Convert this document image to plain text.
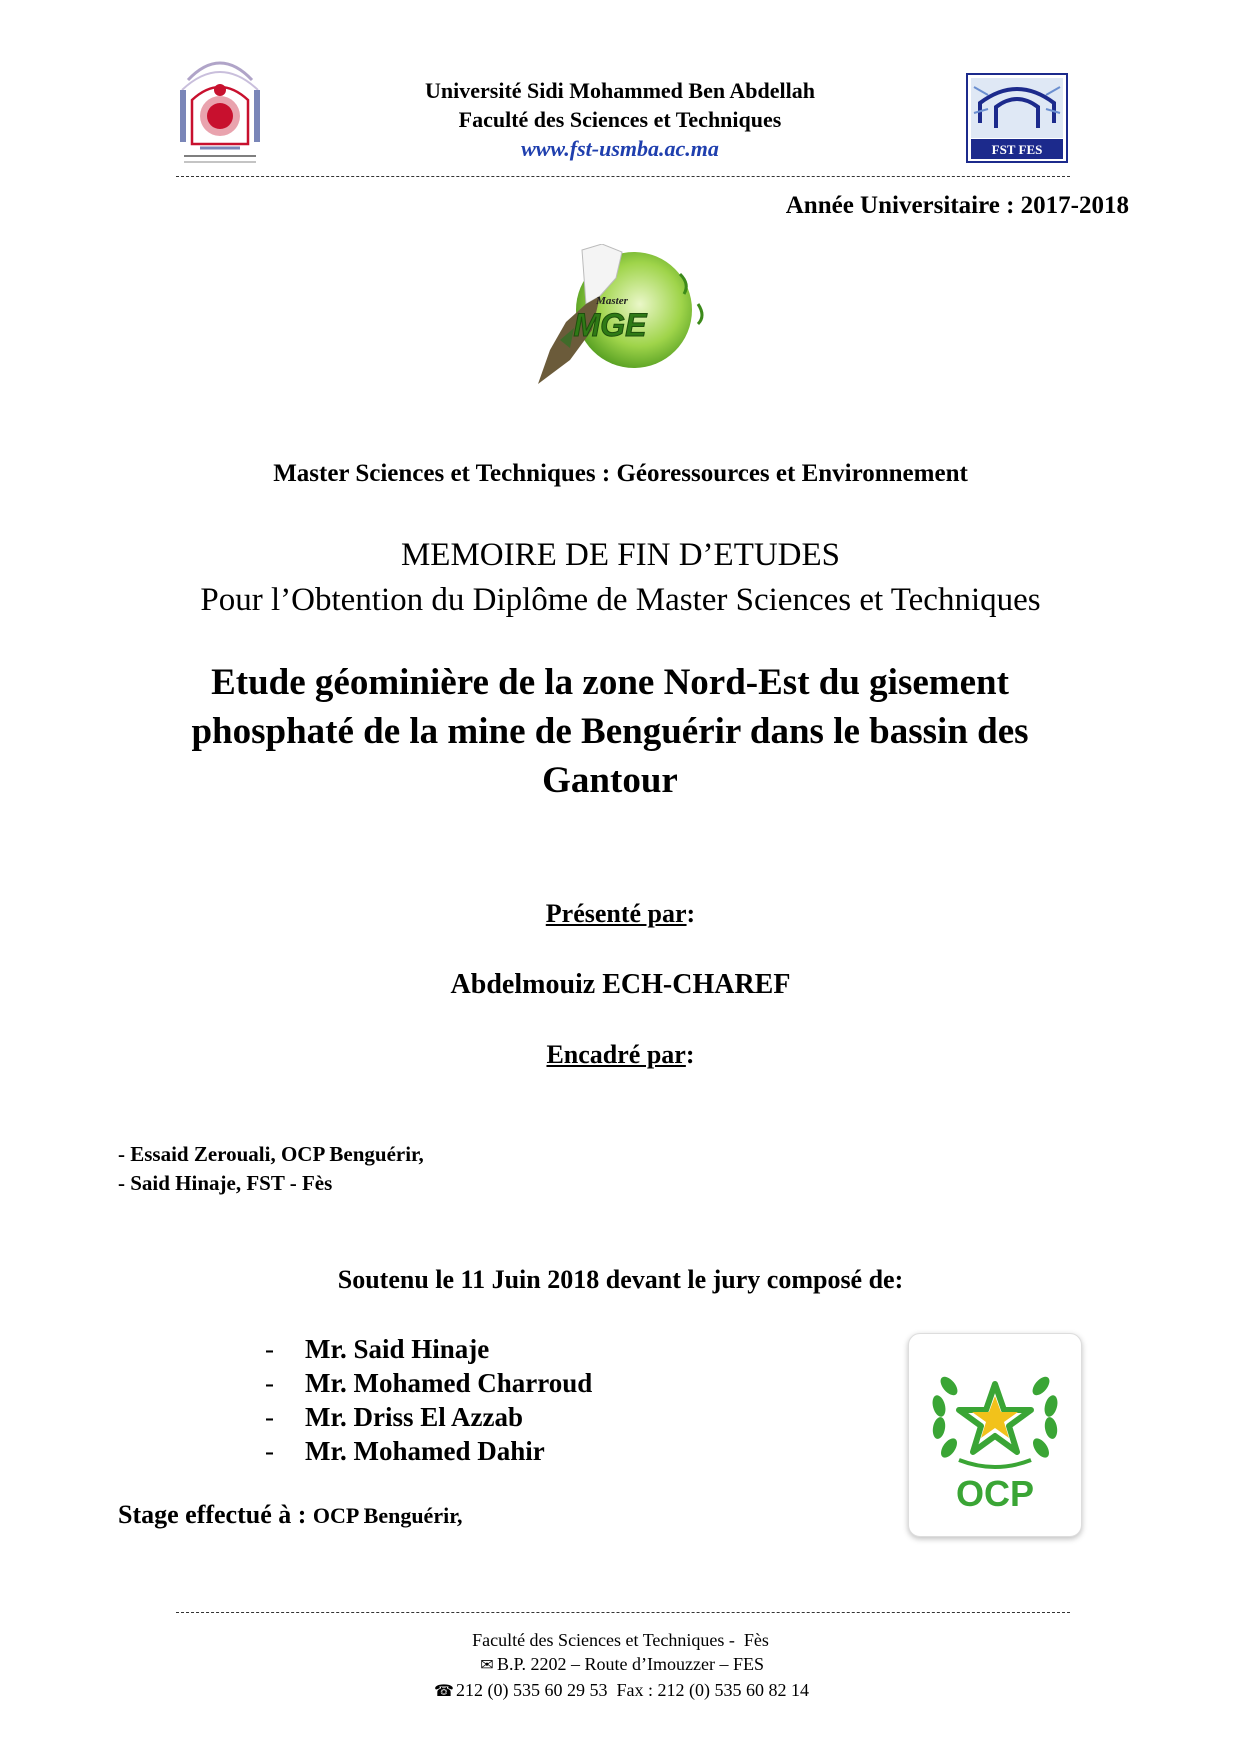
Université Sidi Mohammed Ben Abdellah
Faculté des Sciences et Techniques
www.fst-usmba.ac.ma	FST FES
Année Universitaire : 2017-2018
Master
MGE
Master Sciences et Techniques : Géoressources et Environnement
MEMOIRE DE FIN D’ETUDES
Pour l’Obtention du Diplôme de Master Sciences et Techniques
Etude géominière de la zone Nord-Est du gisement
phosphaté de la mine de Benguérir dans le bassin des
Gantour
Présenté par:
Abdelmouiz ECH-CHAREF
Encadré par:
- Essaid Zerouali, OCP Benguérir,
- Said Hinaje, FST - Fès
Soutenu le 11 Juin 2018 devant le jury composé de:
-	Mr. Said Hinaje
-	Mr. Mohamed Charroud
-	Mr. Driss El Azzab
-	Mr. Mohamed Dahir
Stage effectué à : OCP Benguérir,
OCP
Faculté des Sciences et Techniques -  Fès
✉ B.P. 2202 – Route d’Imouzzer – FES
☎ 212 (0) 535 60 29 53  Fax : 212 (0) 535 60 82 14
